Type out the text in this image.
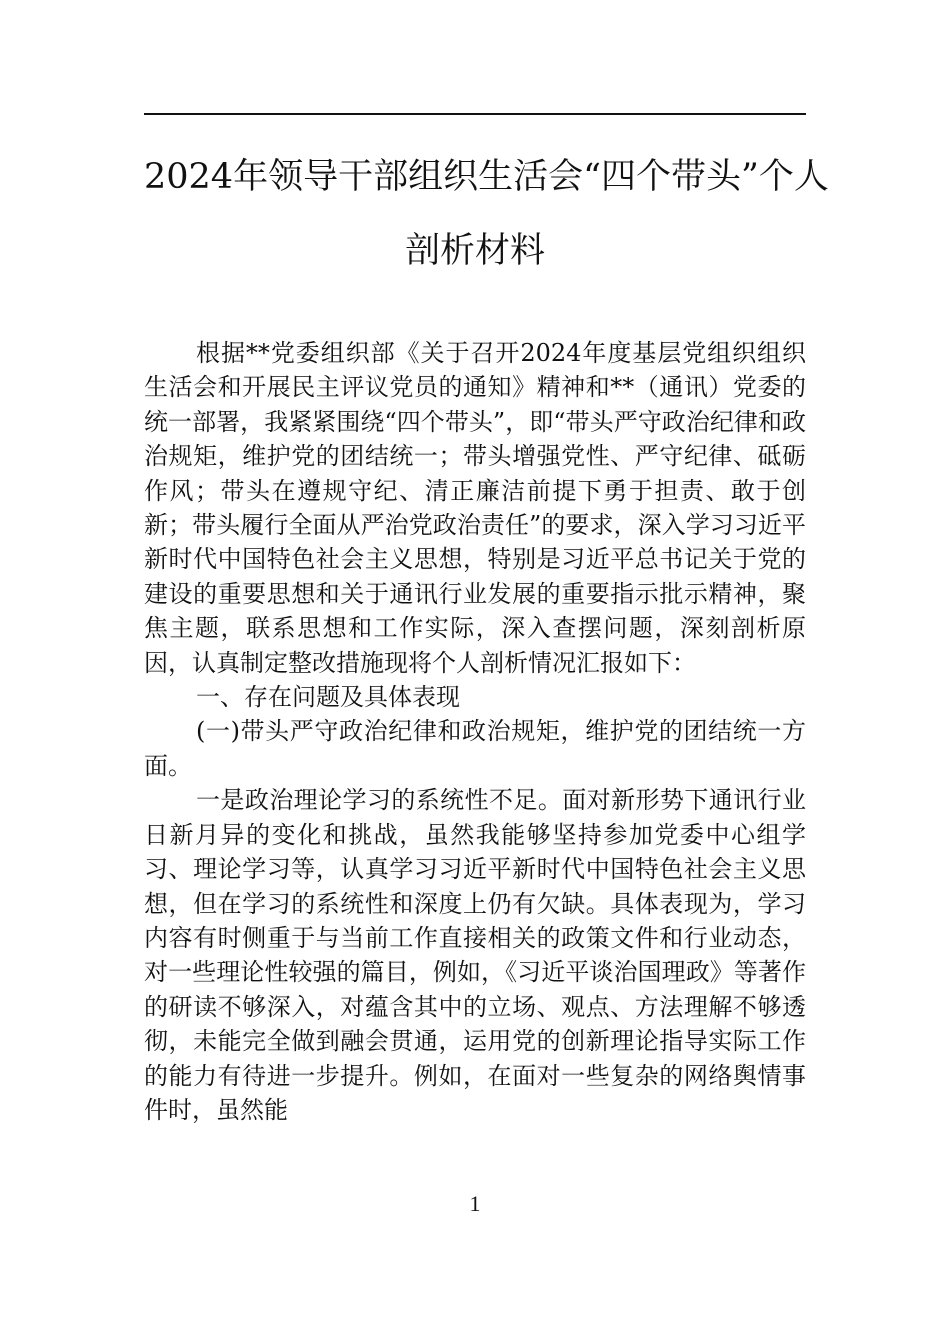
2024年领导干部组织生活会“四个带头”个人
剖析材料

根据**党委组织部《关于召开2024年度基层党组织组织生活会和开展民主评议党员的通知》精神和**（通讯）党委的统一部署，我紧紧围绕“四个带头”，即“带头严守政治纪律和政治规矩，维护党的团结统一；带头增强党性、严守纪律、砥砺作风；带头在遵规守纪、清正廉洁前提下勇于担责、敢于创新；带头履行全面从严治党政治责任”的要求，深入学习习近平新时代中国特色社会主义思想，特别是习近平总书记关于党的建设的重要思想和关于通讯行业发展的重要指示批示精神，聚焦主题，联系思想和工作实际，深入查摆问题，深刻剖析原因，认真制定整改措施现将个人剖析情况汇报如下：

一、存在问题及具体表现

(一)带头严守政治纪律和政治规矩，维护党的团结统一方面。

一是政治理论学习的系统性不足。面对新形势下通讯行业日新月异的变化和挑战，虽然我能够坚持参加党委中心组学习、理论学习等，认真学习习近平新时代中国特色社会主义思想，但在学习的系统性和深度上仍有欠缺。具体表现为，学习内容有时侧重于与当前工作直接相关的政策文件和行业动态，对一些理论性较强的篇目，例如，《习近平谈治国理政》等著作的研读不够深入，对蕴含其中的立场、观点、方法理解不够透彻，未能完全做到融会贯通，运用党的创新理论指导实际工作的能力有待进一步提升。例如，在面对一些复杂的网络舆情事件时，虽然能

1
